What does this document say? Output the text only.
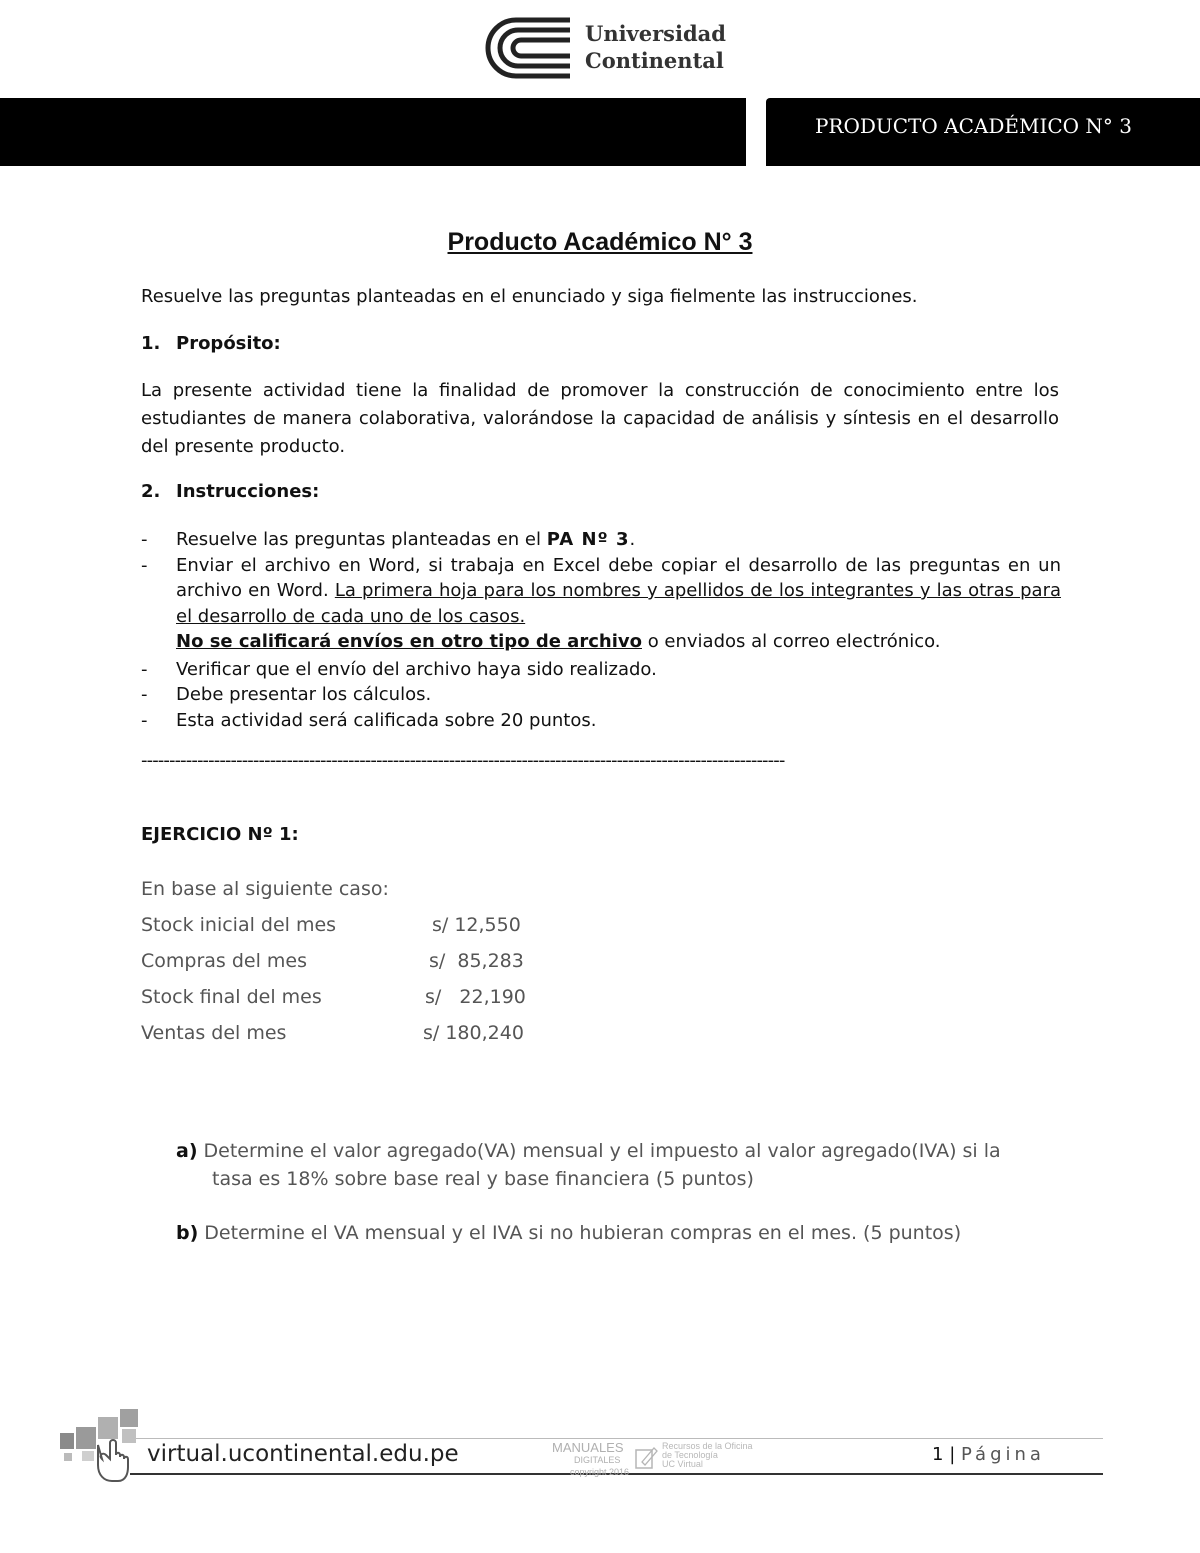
Universidad
Continental
PRODUCTO ACADÉMICO N° 3
Producto Académico N° 3
Resuelve las preguntas planteadas en el enunciado y siga fielmente las instrucciones.
1. Propósito:
La presente actividad tiene la finalidad de promover la construcción de conocimiento entre los estudiantes de manera colaborativa, valorándose la capacidad de análisis y síntesis en el desarrollo del presente producto.
2. Instrucciones:
- Resuelve las preguntas planteadas en el PA Nº 3.
- Enviar el archivo en Word, si trabaja en Excel debe copiar el desarrollo de las preguntas en un archivo en Word. La primera hoja para los nombres y apellidos de los integrantes y las otras para el desarrollo de cada uno de los casos.
No se calificará envíos en otro tipo de archivo o enviados al correo electrónico.
- Verificar que el envío del archivo haya sido realizado.
- Debe presentar los cálculos.
- Esta actividad será calificada sobre 20 puntos.
-------------------------------------------------------------------------------------------------------------------
EJERCICIO Nº 1:
En base al siguiente caso:
Stock inicial del mes	s/ 12,550
Compras del mes	s/  85,283
Stock final del mes	s/   22,190
Ventas del mes	s/ 180,240
a) Determine el valor agregado(VA) mensual y el impuesto al valor agregado(IVA) si la
tasa es 18% sobre base real y base financiera (5 puntos)
b) Determine el VA mensual y el IVA si no hubieran compras en el mes. (5 puntos)
virtual.ucontinental.edu.pe	MANUALES
DIGITALES
copyright 2016
Recursos de la Oficina
de Tecnología
UC Virtual	1 | Página
